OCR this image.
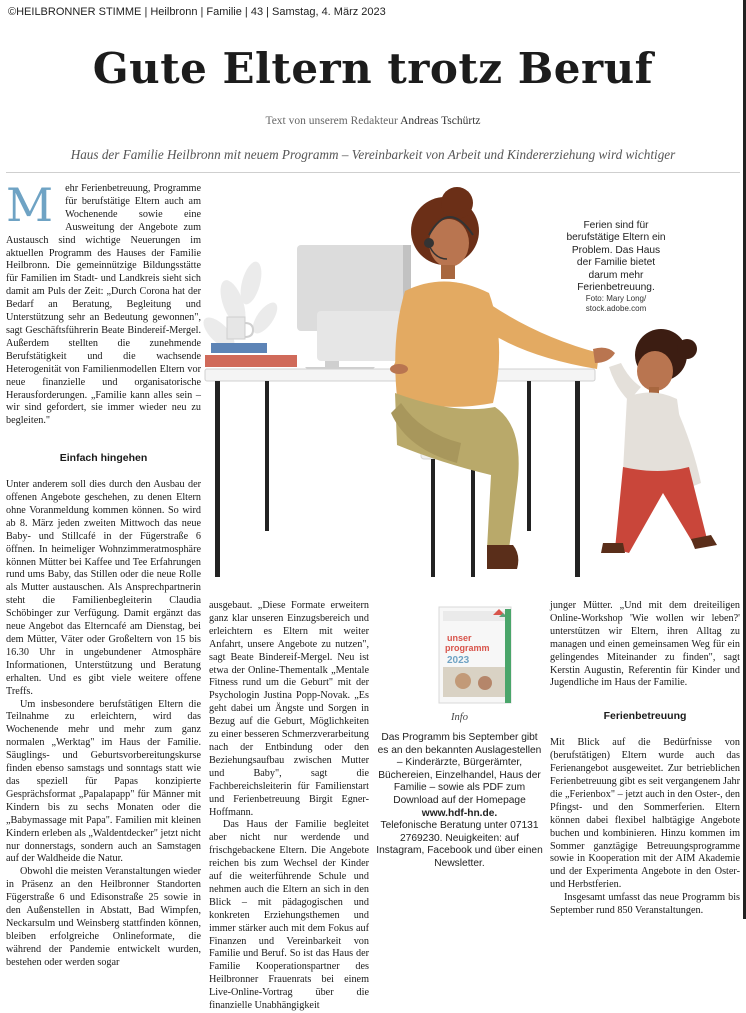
©HEILBRONNER STIMME | Heilbronn | Familie | 43 | Samstag, 4. März 2023
Gute Eltern trotz Beruf
Text von unserem Redakteur Andreas Tschürtz
Haus der Familie Heilbronn mit neuem Programm – Vereinbarkeit von Arbeit und Kindererziehung wird wichtiger
M	ehr Ferienbetreuung, Programme für berufstätige Eltern auch am Wochenende sowie eine Ausweitung der Angebote zum Austausch sind wichtige Neuerungen im aktuellen Programm des Hauses der Familie Heilbronn. Die gemeinnützige Bildungsstätte für Familien im Stadt- und Landkreis sieht sich damit am Puls der Zeit: „Durch Corona hat der Bedarf an Beratung, Begleitung und Unterstützung sehr an Bedeutung gewonnen", sagt Geschäftsführerin Beate Bindereif-Mergel. Außerdem stellten die zunehmende Berufstätigkeit und die wachsende Heterogenität von Familienmodellen Eltern vor neue finanzielle und organisatorische Herausforderungen. „Familie kann alles sein – wir sind gefordert, sie immer wieder neu zu begleiten."

Einfach hingehen

Unter anderem soll dies durch den Ausbau der offenen Angebote geschehen, zu denen Eltern ohne Voranmeldung kommen können. So wird ab 8. März jeden zweiten Mittwoch das neue Baby- und Stillcafé in der Fügerstraße 6 öffnen. In heimeliger Wohnzimmeratmosphäre können Mütter bei Kaffee und Tee Erfahrungen rund ums Baby, das Stillen oder die neue Rolle als Mutter austauschen. Als Ansprechpartnerin steht die Familienbegleiterin Claudia Schöbinger zur Verfügung. Damit ergänzt das neue Angebot das Elterncafé am Dienstag, bei dem Mütter, Väter oder Großeltern von 15 bis 16.30 Uhr in ungebundener Atmosphäre Informationen, Unterstützung und Beratung erhalten. Und es gibt viele weitere offene Treffs.

Um insbesondere berufstätigen Eltern die Teilnahme zu erleichtern, wird das Wochenende mehr und mehr zum ganz normalen „Werktag" im Haus der Familie. Säuglings- und Geburtsvorbereitungskurse finden ebenso samstags und sonntags statt wie das speziell für Papas konzipierte Gesprächsformat „Papalapapp" für Männer mit Kindern bis zu sechs Monaten oder die „Babymassage mit Papa". Familien mit kleinen Kindern erleben als „Waldentdecker" jetzt nicht nur donnerstags, sondern auch an Samstagen auf der Waldheide die Natur.

Obwohl die meisten Veranstaltungen wieder in Präsenz an den Heilbronner Standorten Fügerstraße 6 und Edisonstraße 25 sowie in den Außenstellen in Abstatt, Bad Wimpfen, Neckarsulm und Weinsberg stattfinden können, bleiben erfolgreiche Onlineformate, die während der Pandemie entwickelt wurden, bestehen oder werden sogar

Ferien sind für berufstätige Eltern ein Problem. Das Haus der Familie bietet darum mehr Ferienbetreuung.
Foto: Mary Long/ stock.adobe.com

ausgebaut. „Diese Formate erweitern ganz klar unseren Einzugsbereich und erleichtern es Eltern mit weiter Anfahrt, unsere Angebote zu nutzen", sagt Beate Bindereif-Mergel. Neu ist etwa der Online-Thementalk „Mentale Fitness rund um die Geburt" mit der Psychologin Justina Popp-Novak. „Es geht dabei um Ängste und Sorgen in Bezug auf die Geburt, Möglichkeiten zu einer besseren Schmerzverarbeitung nach der Entbindung oder den Beziehungsaufbau zwischen Mutter und Baby", sagt die Fachbereichsleiterin für Familienstart und Ferienbetreuung Birgit Egner-Hoffmann.

Das Haus der Familie begleitet aber nicht nur werdende und frischgebackene Eltern. Die Angebote reichen bis zum Wechsel der Kinder auf die weiterführende Schule und nehmen auch die Eltern an sich in den Blick – mit pädagogischen und konkreten Erziehungsthemen und immer stärker auch mit dem Fokus auf Finanzen und Vereinbarkeit von Familie und Beruf. So ist das Haus der Familie Kooperationspartner des Heilbronner Frauenrats bei einem Live-Online-Vortrag über die finanzielle Unabhängigkeit

unser
programm
2023
Info
Das Programm bis September gibt es an den bekannten Auslagestellen – Kinderärzte, Bürgerämter, Büchereien, Einzelhandel, Haus der Familie – sowie als PDF zum Download auf der Homepage
www.hdf-hn.de.
Telefonische Beratung unter 07131 2769230. Neuigkeiten: auf Instagram, Facebook und über einen Newsletter.

junger Mütter. „Und mit dem dreiteiligen Online-Workshop 'Wie wollen wir leben?' unterstützen wir Eltern, ihren Alltag zu managen und einen gemeinsamen Weg für ein gelingendes Miteinander zu finden", sagt Kerstin Augustin, Referentin für Kinder und Jugendliche im Haus der Familie.

Ferienbetreuung

Mit Blick auf die Bedürfnisse von (berufstätigen) Eltern wurde auch das Ferienangebot ausgeweitet. Zur betrieblichen Ferienbetreuung gibt es seit vergangenem Jahr die „Ferienbox" – jetzt auch in den Oster-, den Pfingst- und den Sommerferien. Eltern können dabei flexibel halbtägige Angebote buchen und kombinieren. Hinzu kommen im Sommer ganztägige Betreuungsprogramme sowie in Kooperation mit der AIM Akademie und der Experimenta Angebote in den Oster- und Herbstferien.

Insgesamt umfasst das neue Programm bis September rund 850 Veranstaltungen.
